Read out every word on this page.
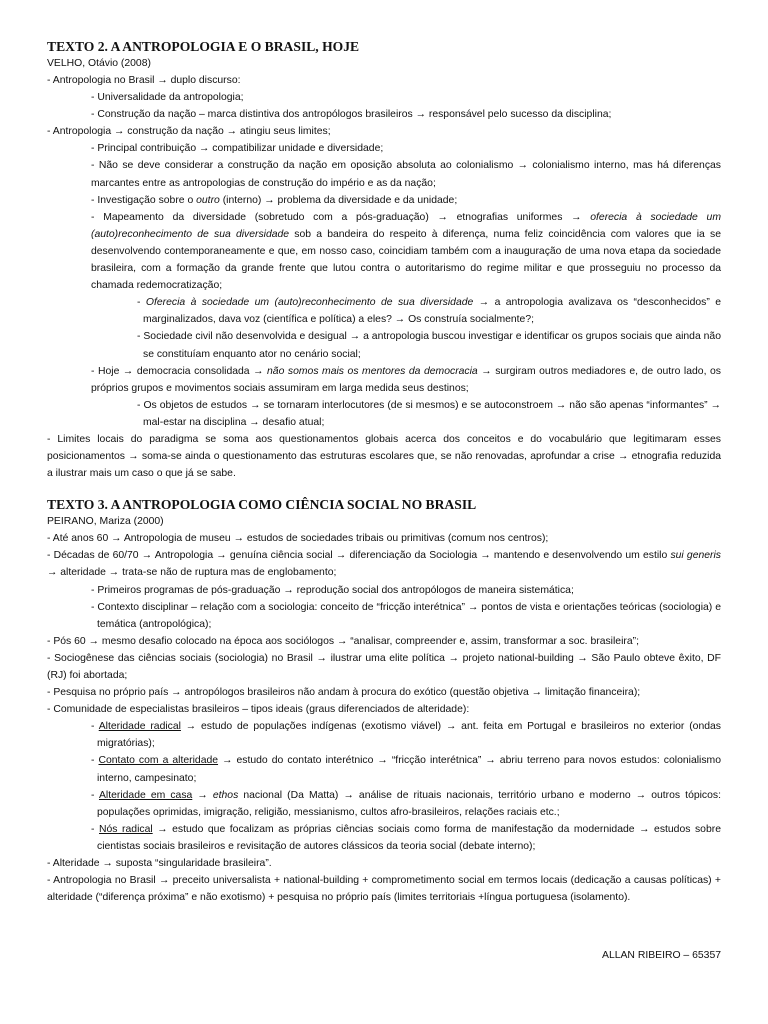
TEXTO 2. A ANTROPOLOGIA E O BRASIL, HOJE
VELHO, Otávio (2008)
- Antropologia no Brasil → duplo discurso:
- Universalidade da antropologia;
- Construção da nação – marca distintiva dos antropólogos brasileiros → responsável pelo sucesso da disciplina;
- Antropologia → construção da nação → atingiu seus limites;
- Principal contribuição → compatibilizar unidade e diversidade;
- Não se deve considerar a construção da nação em oposição absoluta ao colonialismo → colonialismo interno, mas há diferenças marcantes entre as antropologias de construção do império e as da nação;
- Investigação sobre o outro (interno) → problema da diversidade e da unidade;
- Mapeamento da diversidade (sobretudo com a pós-graduação) → etnografias uniformes → oferecia à sociedade um (auto)reconhecimento de sua diversidade sob a bandeira do respeito à diferença, numa feliz coincidência com valores que ia se desenvolvendo contemporaneamente e que, em nosso caso, coincidiam também com a inauguração de uma nova etapa da sociedade brasileira, com a formação da grande frente que lutou contra o autoritarismo do regime militar e que prosseguiu no processo da chamada redemocratização;
- Oferecia à sociedade um (auto)reconhecimento de sua diversidade → a antropologia avalizava os “desconhecidos” e marginalizados, dava voz (científica e política) a eles? → Os construía socialmente?;
- Sociedade civil não desenvolvida e desigual → a antropologia buscou investigar e identificar os grupos sociais que ainda não se constituíam enquanto ator no cenário social;
- Hoje → democracia consolidada → não somos mais os mentores da democracia → surgiram outros mediadores e, de outro lado, os próprios grupos e movimentos sociais assumiram em larga medida seus destinos;
- Os objetos de estudos → se tornaram interlocutores (de si mesmos) e se autoconstroem → não são apenas “informantes” → mal-estar na disciplina → desafio atual;
- Limites locais do paradigma se soma aos questionamentos globais acerca dos conceitos e do vocabulário que legitimaram esses posicionamentos → soma-se ainda o questionamento das estruturas escolares que, se não renovadas, aprofundar a crise → etnografia reduzida a ilustrar mais um caso o que já se sabe.
TEXTO 3. A ANTROPOLOGIA COMO CIÊNCIA SOCIAL NO BRASIL
PEIRANO, Mariza (2000)
- Até anos 60 → Antropologia de museu → estudos de sociedades tribais ou primitivas (comum nos centros);
- Décadas de 60/70 → Antropologia → genuína ciência social → diferenciação da Sociologia → mantendo e desenvolvendo um estilo sui generis → alteridade → trata-se não de ruptura mas de englobamento;
- Primeiros programas de pós-graduação → reprodução social dos antropólogos de maneira sistemática;
- Contexto disciplinar – relação com a sociologia: conceito de “fricção interétnica” → pontos de vista e orientações teóricas (sociologia) e temática (antropológica);
- Pós 60 → mesmo desafio colocado na época aos sociólogos → “analisar, compreender e, assim, transformar a soc. brasileira”;
- Sociogênese das ciências sociais (sociologia) no Brasil → ilustrar uma elite política → projeto national-building → São Paulo obteve êxito, DF (RJ) foi abortada;
- Pesquisa no próprio país → antropólogos brasileiros não andam à procura do exótico (questão objetiva → limitação financeira);
- Comunidade de especialistas brasileiros – tipos ideais (graus diferenciados de alteridade):
- Alteridade radical → estudo de populações indígenas (exotismo viável) → ant. feita em Portugal e brasileiros no exterior (ondas migratórias);
- Contato com a alteridade → estudo do contato interétnico → “fricção interétnica” → abriu terreno para novos estudos: colonialismo interno, campesinato;
- Alteridade em casa → ethos nacional (Da Matta) → análise de rituais nacionais, território urbano e moderno → outros tópicos: populações oprimidas, imigração, religião, messianismo, cultos afro-brasileiros, relações raciais etc.;
- Nós radical → estudo que focalizam as próprias ciências sociais como forma de manifestação da modernidade → estudos sobre cientistas sociais brasileiros e revisitação de autores clássicos da teoria social (debate interno);
- Alteridade → suposta “singularidade brasileira”.
- Antropologia no Brasil → preceito universalista + national-building + comprometimento social em termos locais (dedicação a causas políticas) + alteridade (“diferença próxima” e não exotismo) + pesquisa no próprio país (limites territoriais +língua portuguesa (isolamento).
ALLAN RIBEIRO – 65357
